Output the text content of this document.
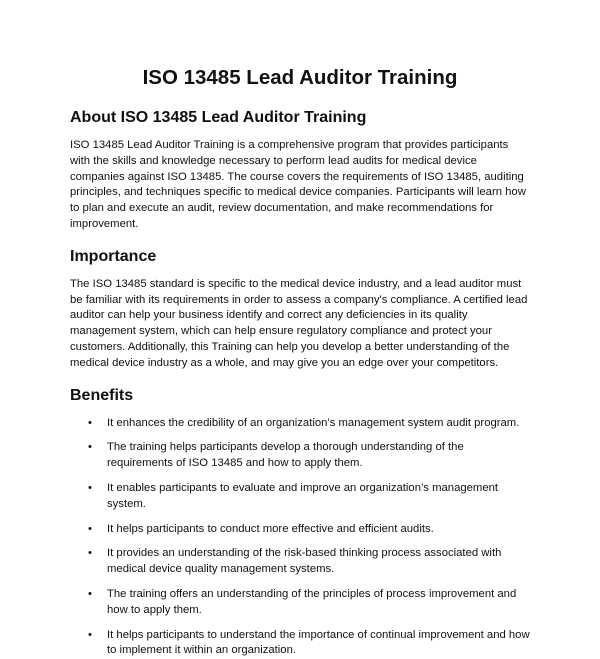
ISO 13485 Lead Auditor Training
About ISO 13485 Lead Auditor Training

ISO 13485 Lead Auditor Training is a comprehensive program that provides participants with the skills and knowledge necessary to perform lead audits for medical device companies against ISO 13485. The course covers the requirements of ISO 13485, auditing principles, and techniques specific to medical device companies. Participants will learn how to plan and execute an audit, review documentation, and make recommendations for improvement.

Importance

The ISO 13485 standard is specific to the medical device industry, and a lead auditor must be familiar with its requirements in order to assess a company's compliance. A certified lead auditor can help your business identify and correct any deficiencies in its quality management system, which can help ensure regulatory compliance and protect your customers. Additionally, this Training can help you develop a better understanding of the medical device industry as a whole, and may give you an edge over your competitors.

Benefits
• It enhances the credibility of an organization’s management system audit program.
• The training helps participants develop a thorough understanding of the requirements of ISO 13485 and how to apply them.
• It enables participants to evaluate and improve an organization’s management system.
• It helps participants to conduct more effective and efficient audits.
• It provides an understanding of the risk-based thinking process associated with medical device quality management systems.
• The training offers an understanding of the principles of process improvement and how to apply them.
• It helps participants to understand the importance of continual improvement and how to implement it within an organization.
